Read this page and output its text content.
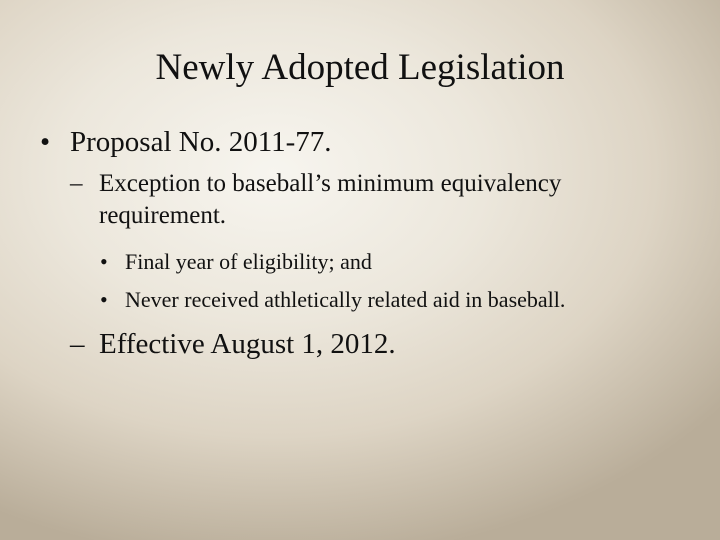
Newly Adopted Legislation
• Proposal No. 2011-77.
– Exception to baseball’s minimum equivalency
requirement.
• Final year of eligibility; and
• Never received athletically related aid in baseball.
– Effective August 1, 2012.
